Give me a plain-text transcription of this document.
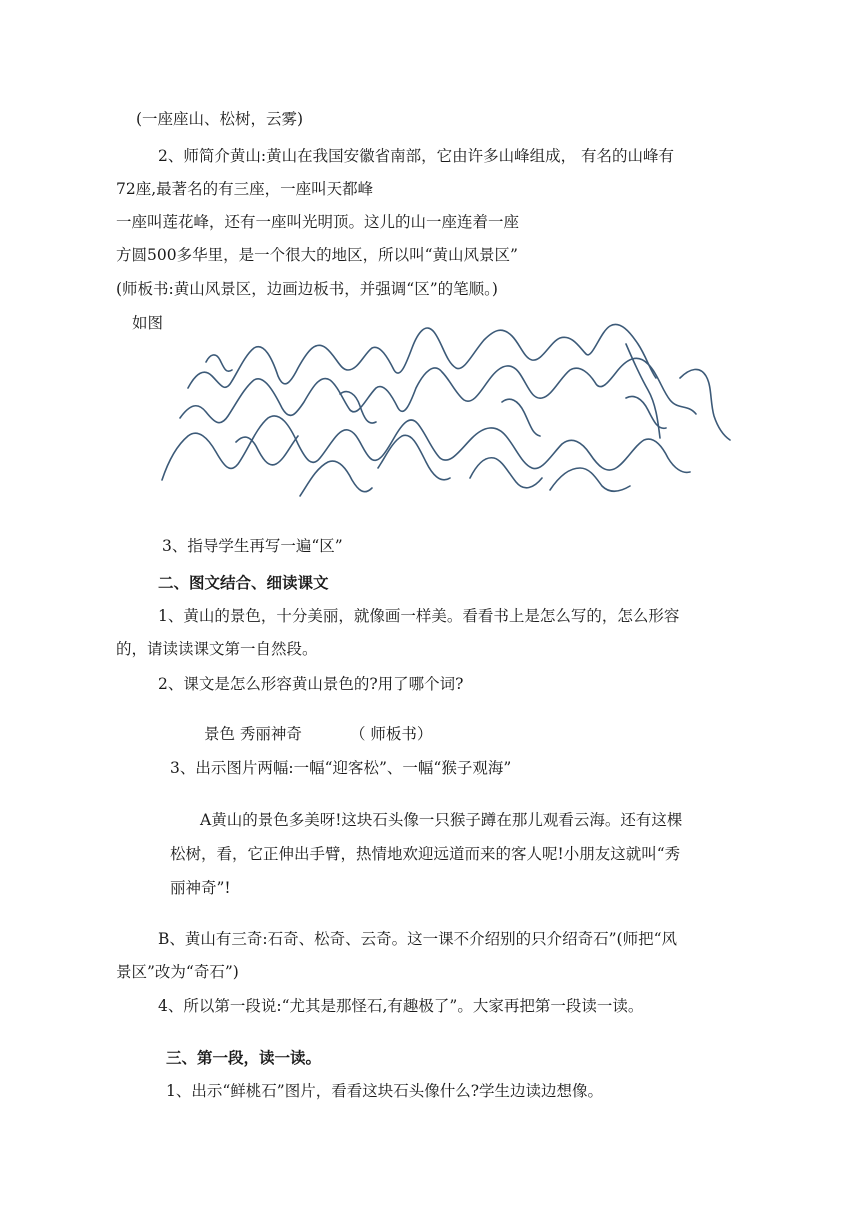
(一座座山、松树，云雾)
2、师简介黄山:黄山在我国安徽省南部，它由许多山峰组成， 有名的山峰有
72座,最著名的有三座，一座叫天都峰
一座叫莲花峰，还有一座叫光明顶。这儿的山一座连着一座
方圆500多华里，是一个很大的地区，所以叫“黄山风景区”
(师板书:黄山风景区，边画边板书，并强调“区”的笔顺。)
如图
3、指导学生再写一遍“区”
二、图文结合、细读课文
1、黄山的景色，十分美丽，就像画一样美。看看书上是怎么写的，怎么形容
的，请读读课文第一自然段。
2、课文是怎么形容黄山景色的?用了哪个词?
景色 秀丽神奇	（ 师板书）
3、出示图片两幅:一幅“迎客松”、一幅“猴子观海”
A黄山的景色多美呀!这块石头像一只猴子蹲在那儿观看云海。还有这棵
松树，看，它正伸出手臂，热情地欢迎远道而来的客人呢!小朋友这就叫“秀
丽神奇”!
B、黄山有三奇:石奇、松奇、云奇。这一课不介绍别的只介绍奇石”(师把“风
景区”改为“奇石”)
4、所以第一段说:“尤其是那怪石,有趣极了”。大家再把第一段读一读。
三、第一段，读一读。
1、出示“鲜桃石”图片，看看这块石头像什么?学生边读边想像。
